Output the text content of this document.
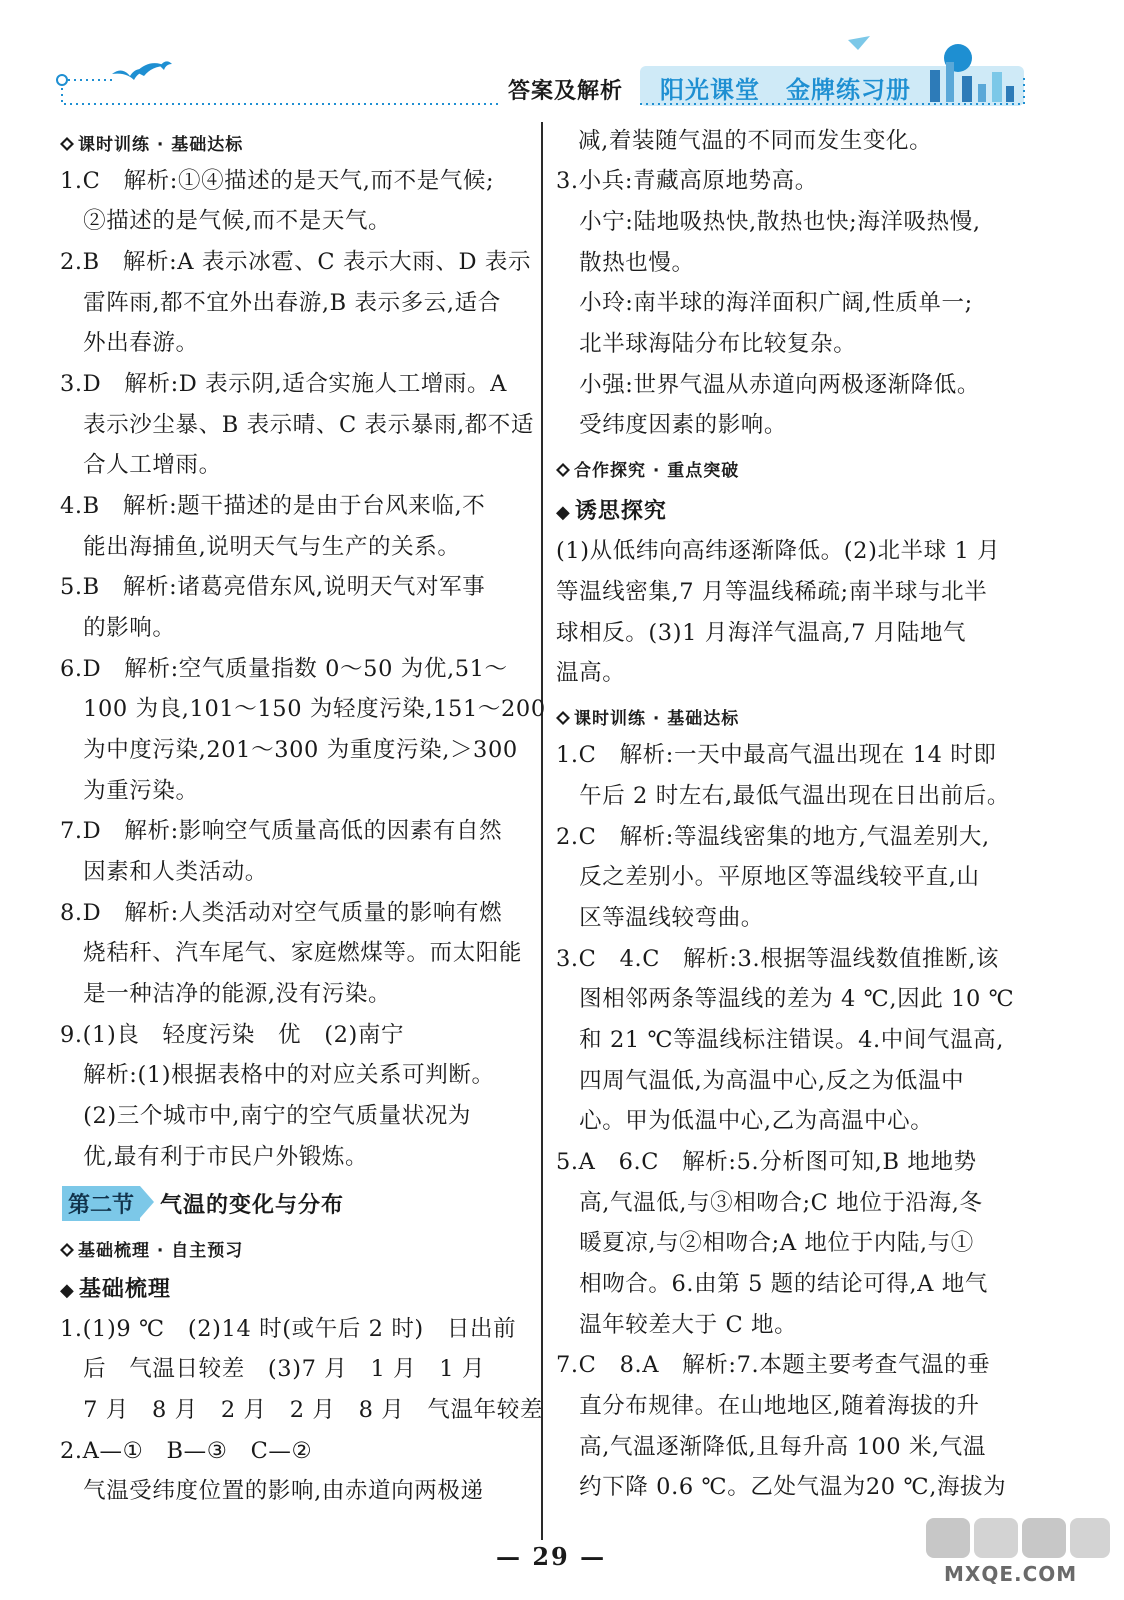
答案及解析 阳光课堂 金牌练习册
课时训练 · 基础达标
1.C　解析:①④描述的是天气,而不是气候;
　②描述的是气候,而不是天气。
2.B　解析:A 表示冰雹、C 表示大雨、D 表示
　雷阵雨,都不宜外出春游,B 表示多云,适合
　外出春游。
3.D　解析:D 表示阴,适合实施人工增雨。A
　表示沙尘暴、B 表示晴、C 表示暴雨,都不适
　合人工增雨。
4.B　解析:题干描述的是由于台风来临,不
　能出海捕鱼,说明天气与生产的关系。
5.B　解析:诸葛亮借东风,说明天气对军事
　的影响。
6.D　解析:空气质量指数 0～50 为优,51～
　100 为良,101～150 为轻度污染,151～200
　为中度污染,201～300 为重度污染,＞300
　为重污染。
7.D　解析:影响空气质量高低的因素有自然
　因素和人类活动。
8.D　解析:人类活动对空气质量的影响有燃
　烧秸秆、汽车尾气、家庭燃煤等。而太阳能
　是一种洁净的能源,没有污染。
9.(1)良　轻度污染　优　(2)南宁
　解析:(1)根据表格中的对应关系可判断。
　(2)三个城市中,南宁的空气质量状况为
　优,最有利于市民户外锻炼。
第二节 气温的变化与分布
基础梳理 · 自主预习
◆ 基础梳理
1.(1)9 ℃　(2)14 时(或午后 2 时)　日出前
　后　气温日较差　(3)7 月　1 月　1 月
　7 月　8 月　2 月　2 月　8 月　气温年较差
2.A—①　B—③　C—②
　气温受纬度位置的影响,由赤道向两极递
减,着装随气温的不同而发生变化。
3.小兵:青藏高原地势高。
　小宁:陆地吸热快,散热也快;海洋吸热慢,
　散热也慢。
　小玲:南半球的海洋面积广阔,性质单一;
　北半球海陆分布比较复杂。
　小强:世界气温从赤道向两极逐渐降低。
　受纬度因素的影响。
合作探究 · 重点突破
◆ 诱思探究
(1)从低纬向高纬逐渐降低。(2)北半球 1 月
等温线密集,7 月等温线稀疏;南半球与北半
球相反。(3)1 月海洋气温高,7 月陆地气
温高。
课时训练 · 基础达标
1.C　解析:一天中最高气温出现在 14 时即
　午后 2 时左右,最低气温出现在日出前后。
2.C　解析:等温线密集的地方,气温差别大,
　反之差别小。平原地区等温线较平直,山
　区等温线较弯曲。
3.C　4.C　解析:3.根据等温线数值推断,该
　图相邻两条等温线的差为 4 ℃,因此 10 ℃
　和 21 ℃等温线标注错误。4.中间气温高,
　四周气温低,为高温中心,反之为低温中
　心。甲为低温中心,乙为高温中心。
5.A　6.C　解析:5.分析图可知,B 地地势
　高,气温低,与③相吻合;C 地位于沿海,冬
　暖夏凉,与②相吻合;A 地位于内陆,与①
　相吻合。6.由第 5 题的结论可得,A 地气
　温年较差大于 C 地。
7.C　8.A　解析:7.本题主要考查气温的垂
　直分布规律。在山地地区,随着海拔的升
　高,气温逐渐降低,且每升高 100 米,气温
　约下降 0.6 ℃。乙处气温为20 ℃,海拔为
— 29 —
MXQE.COM
